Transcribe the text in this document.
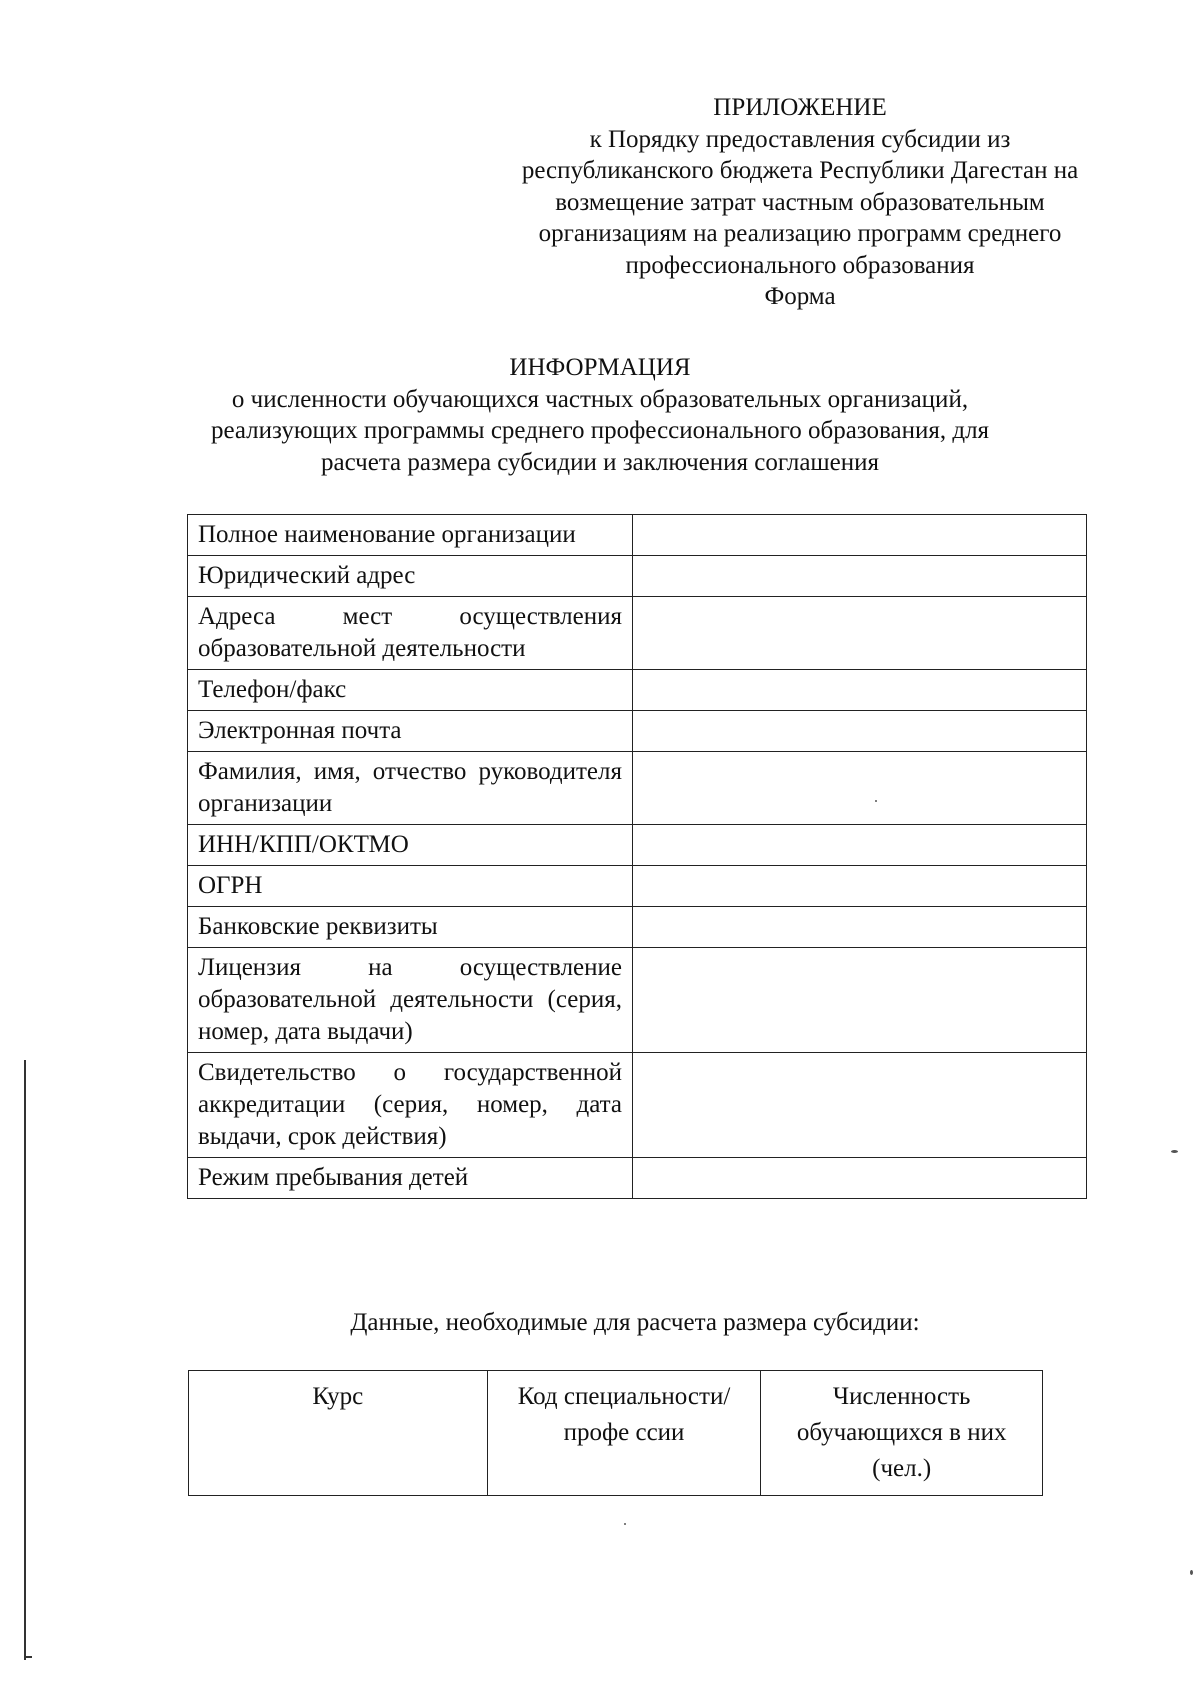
ПРИЛОЖЕНИЕ
к Порядку предоставления субсидии из
республиканского бюджета Республики Дагестан на
возмещение затрат частным образовательным
организациям на реализацию программ среднего
профессионального образования
Форма
ИНФОРМАЦИЯ
о численности обучающихся частных образовательных организаций,
реализующих программы среднего профессионального образования, для
расчета размера субсидии и заключения соглашения
Полное наименование организации	
Юридический адрес	
Адреса мест осуществления образовательной деятельности	
Телефон/факс	
Электронная почта	
Фамилия, имя, отчество руководителя организации	
ИНН/КПП/ОКТМО	
ОГРН	
Банковские реквизиты	
Лицензия на осуществление образовательной деятельности (серия, номер, дата выдачи)	
Свидетельство о государственной аккредитации (серия, номер, дата выдачи, срок действия)	
Режим пребывания детей	
Данные, необходимые для расчета размера субсидии:
Курс	Код специальности/профе ссии	Численность обучающихся в них (чел.)
